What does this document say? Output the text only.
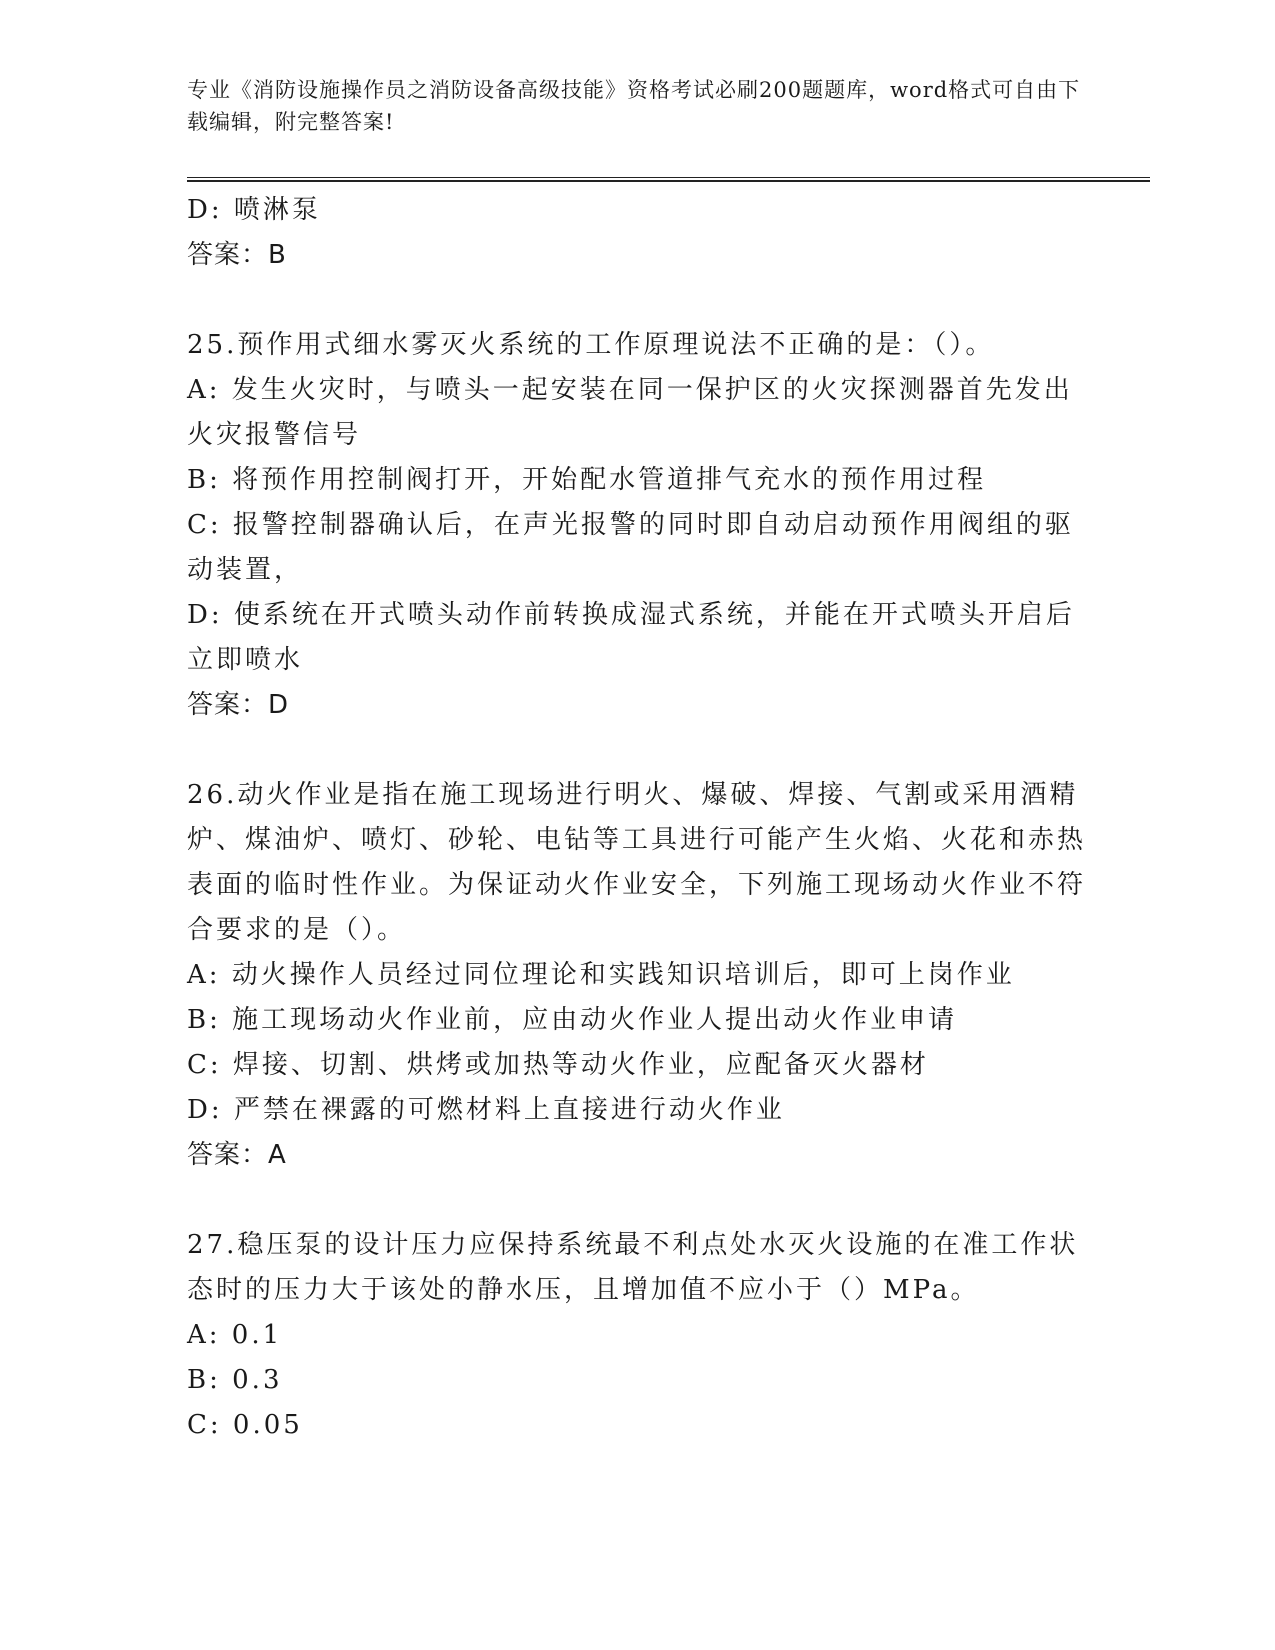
专业《消防设施操作员之消防设备高级技能》资格考试必刷200题题库，word格式可自由下载编辑，附完整答案!
D: 喷淋泵
答案：B
25.预作用式细水雾灭火系统的工作原理说法不正确的是：（）。
A: 发生火灾时，与喷头一起安装在同一保护区的火灾探测器首先发出火灾报警信号
B: 将预作用控制阀打开，开始配水管道排气充水的预作用过程
C: 报警控制器确认后，在声光报警的同时即自动启动预作用阀组的驱动装置，
D: 使系统在开式喷头动作前转换成湿式系统，并能在开式喷头开启后立即喷水
答案：D
26.动火作业是指在施工现场进行明火、爆破、焊接、气割或采用酒精炉、煤油炉、喷灯、砂轮、电钻等工具进行可能产生火焰、火花和赤热表面的临时性作业。为保证动火作业安全，下列施工现场动火作业不符合要求的是（）。
A: 动火操作人员经过同位理论和实践知识培训后，即可上岗作业
B: 施工现场动火作业前，应由动火作业人提出动火作业申请
C: 焊接、切割、烘烤或加热等动火作业，应配备灭火器材
D: 严禁在裸露的可燃材料上直接进行动火作业
答案：A
27.稳压泵的设计压力应保持系统最不利点处水灭火设施的在准工作状态时的压力大于该处的静水压，且增加值不应小于（）MPa。
A: 0.1
B: 0.3
C: 0.05
